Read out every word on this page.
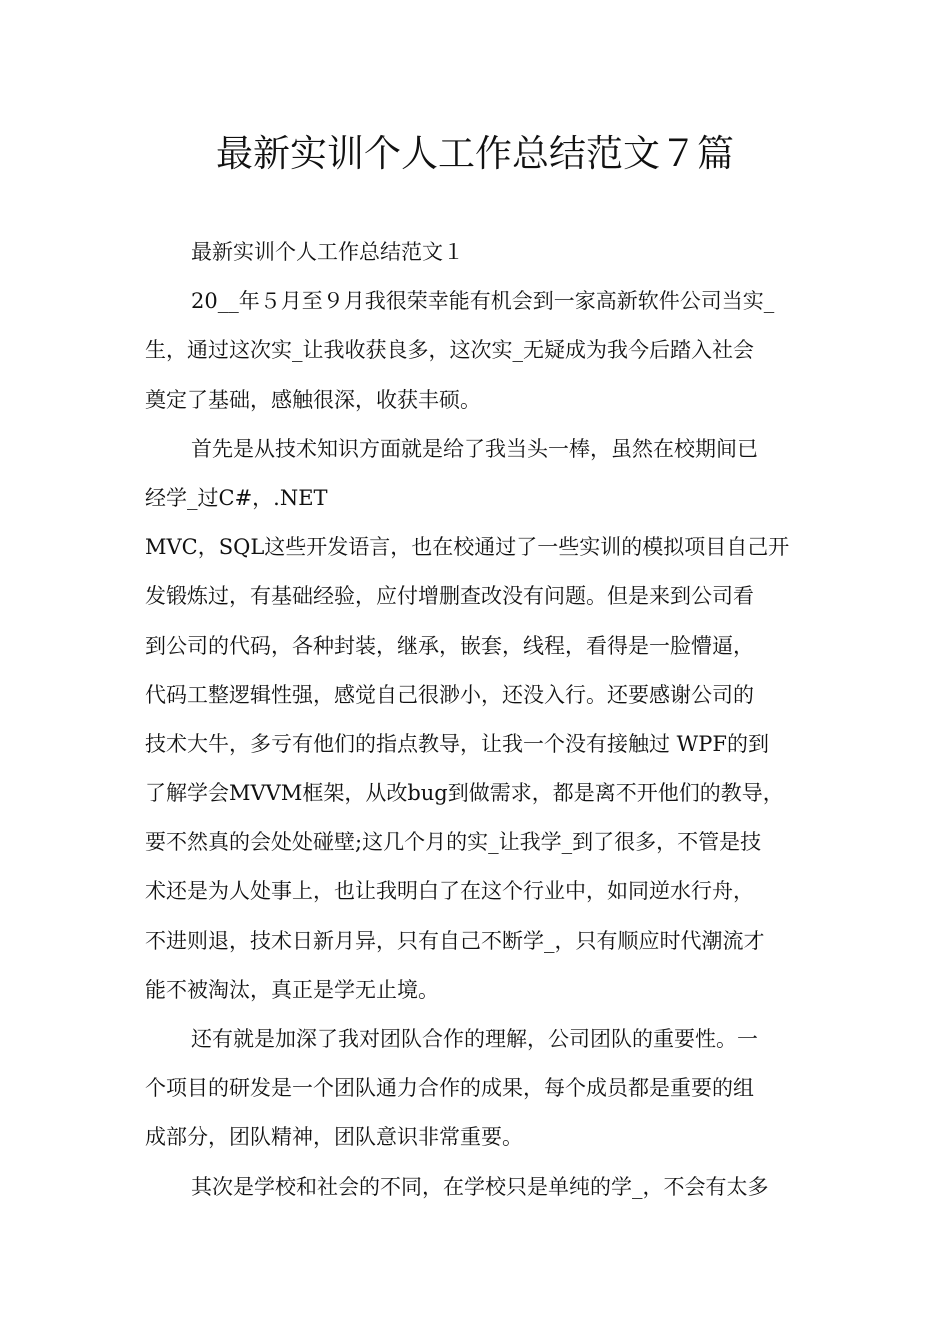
最新实训个人工作总结范文７篇
最新实训个人工作总结范文１
20__年５月至９月我很荣幸能有机会到一家高新软件公司当实_
生，通过这次实_让我收获良多，这次实_无疑成为我今后踏入社会
奠定了基础，感触很深，收获丰硕。
首先是从技术知识方面就是给了我当头一棒，虽然在校期间已
经学_过C#，.NET
MVC，SQL这些开发语言，也在校通过了一些实训的模拟项目自己开
发锻炼过，有基础经验，应付增删查改没有问题。但是来到公司看
到公司的代码，各种封装，继承，嵌套，线程，看得是一脸懵逼，
代码工整逻辑性强，感觉自己很渺小，还没入行。还要感谢公司的
技术大牛，多亏有他们的指点教导，让我一个没有接触过 WPF的到
了解学会MVVM框架，从改bug到做需求，都是离不开他们的教导，
要不然真的会处处碰壁;这几个月的实_让我学_到了很多，不管是技
术还是为人处事上，也让我明白了在这个行业中，如同逆水行舟，
不进则退，技术日新月异，只有自己不断学_，只有顺应时代潮流才
能不被淘汰，真正是学无止境。
还有就是加深了我对团队合作的理解，公司团队的重要性。一
个项目的研发是一个团队通力合作的成果，每个成员都是重要的组
成部分，团队精神，团队意识非常重要。
其次是学校和社会的不同，在学校只是单纯的学_，不会有太多
